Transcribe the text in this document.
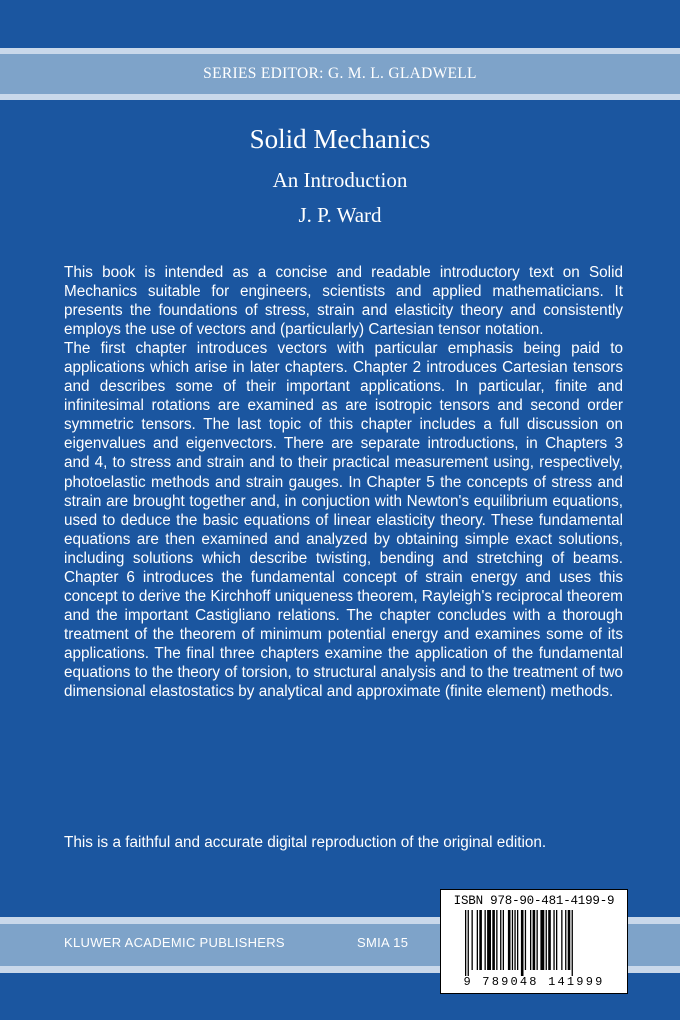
SERIES EDITOR: G. M. L. GLADWELL
Solid Mechanics
An Introduction
J. P. Ward

This book is intended as a concise and readable introductory text on Solid Mechanics suitable for engineers, scientists and applied mathematicians. It presents the foundations of stress, strain and elasticity theory and consistently employs the use of vectors and (particularly) Cartesian tensor notation.

The first chapter introduces vectors with particular emphasis being paid to applications which arise in later chapters. Chapter 2 introduces Cartesian tensors and describes some of their important applications. In particular, finite and infinitesimal rotations are examined as are isotropic tensors and second order symmetric tensors. The last topic of this chapter includes a full discussion on eigenvalues and eigenvectors. There are separate introductions, in Chapters 3 and 4, to stress and strain and to their practical measurement using, respectively, photoelastic methods and strain gauges. In Chapter 5 the concepts of stress and strain are brought together and, in conjuction with Newton's equilibrium equations, used to deduce the basic equations of linear elasticity theory. These fundamental equations are then examined and analyzed by obtaining simple exact solutions, including solutions which describe twisting, bending and stretching of beams. Chapter 6 introduces the fundamental concept of strain energy and uses this concept to derive the Kirchhoff uniqueness theorem, Rayleigh's reciprocal theorem and the important Castigliano relations. The chapter concludes with a thorough treatment of the theorem of minimum potential energy and examines some of its applications. The final three chapters examine the application of the fundamental equations to the theory of torsion, to structural analysis and to the treatment of two dimensional elastostatics by analytical and approximate (finite element) methods.

This is a faithful and accurate digital reproduction of the original edition.
KLUWER ACADEMIC PUBLISHERS	SMIA 15
ISBN 978-90-481-4199-9
9 789048 141999
